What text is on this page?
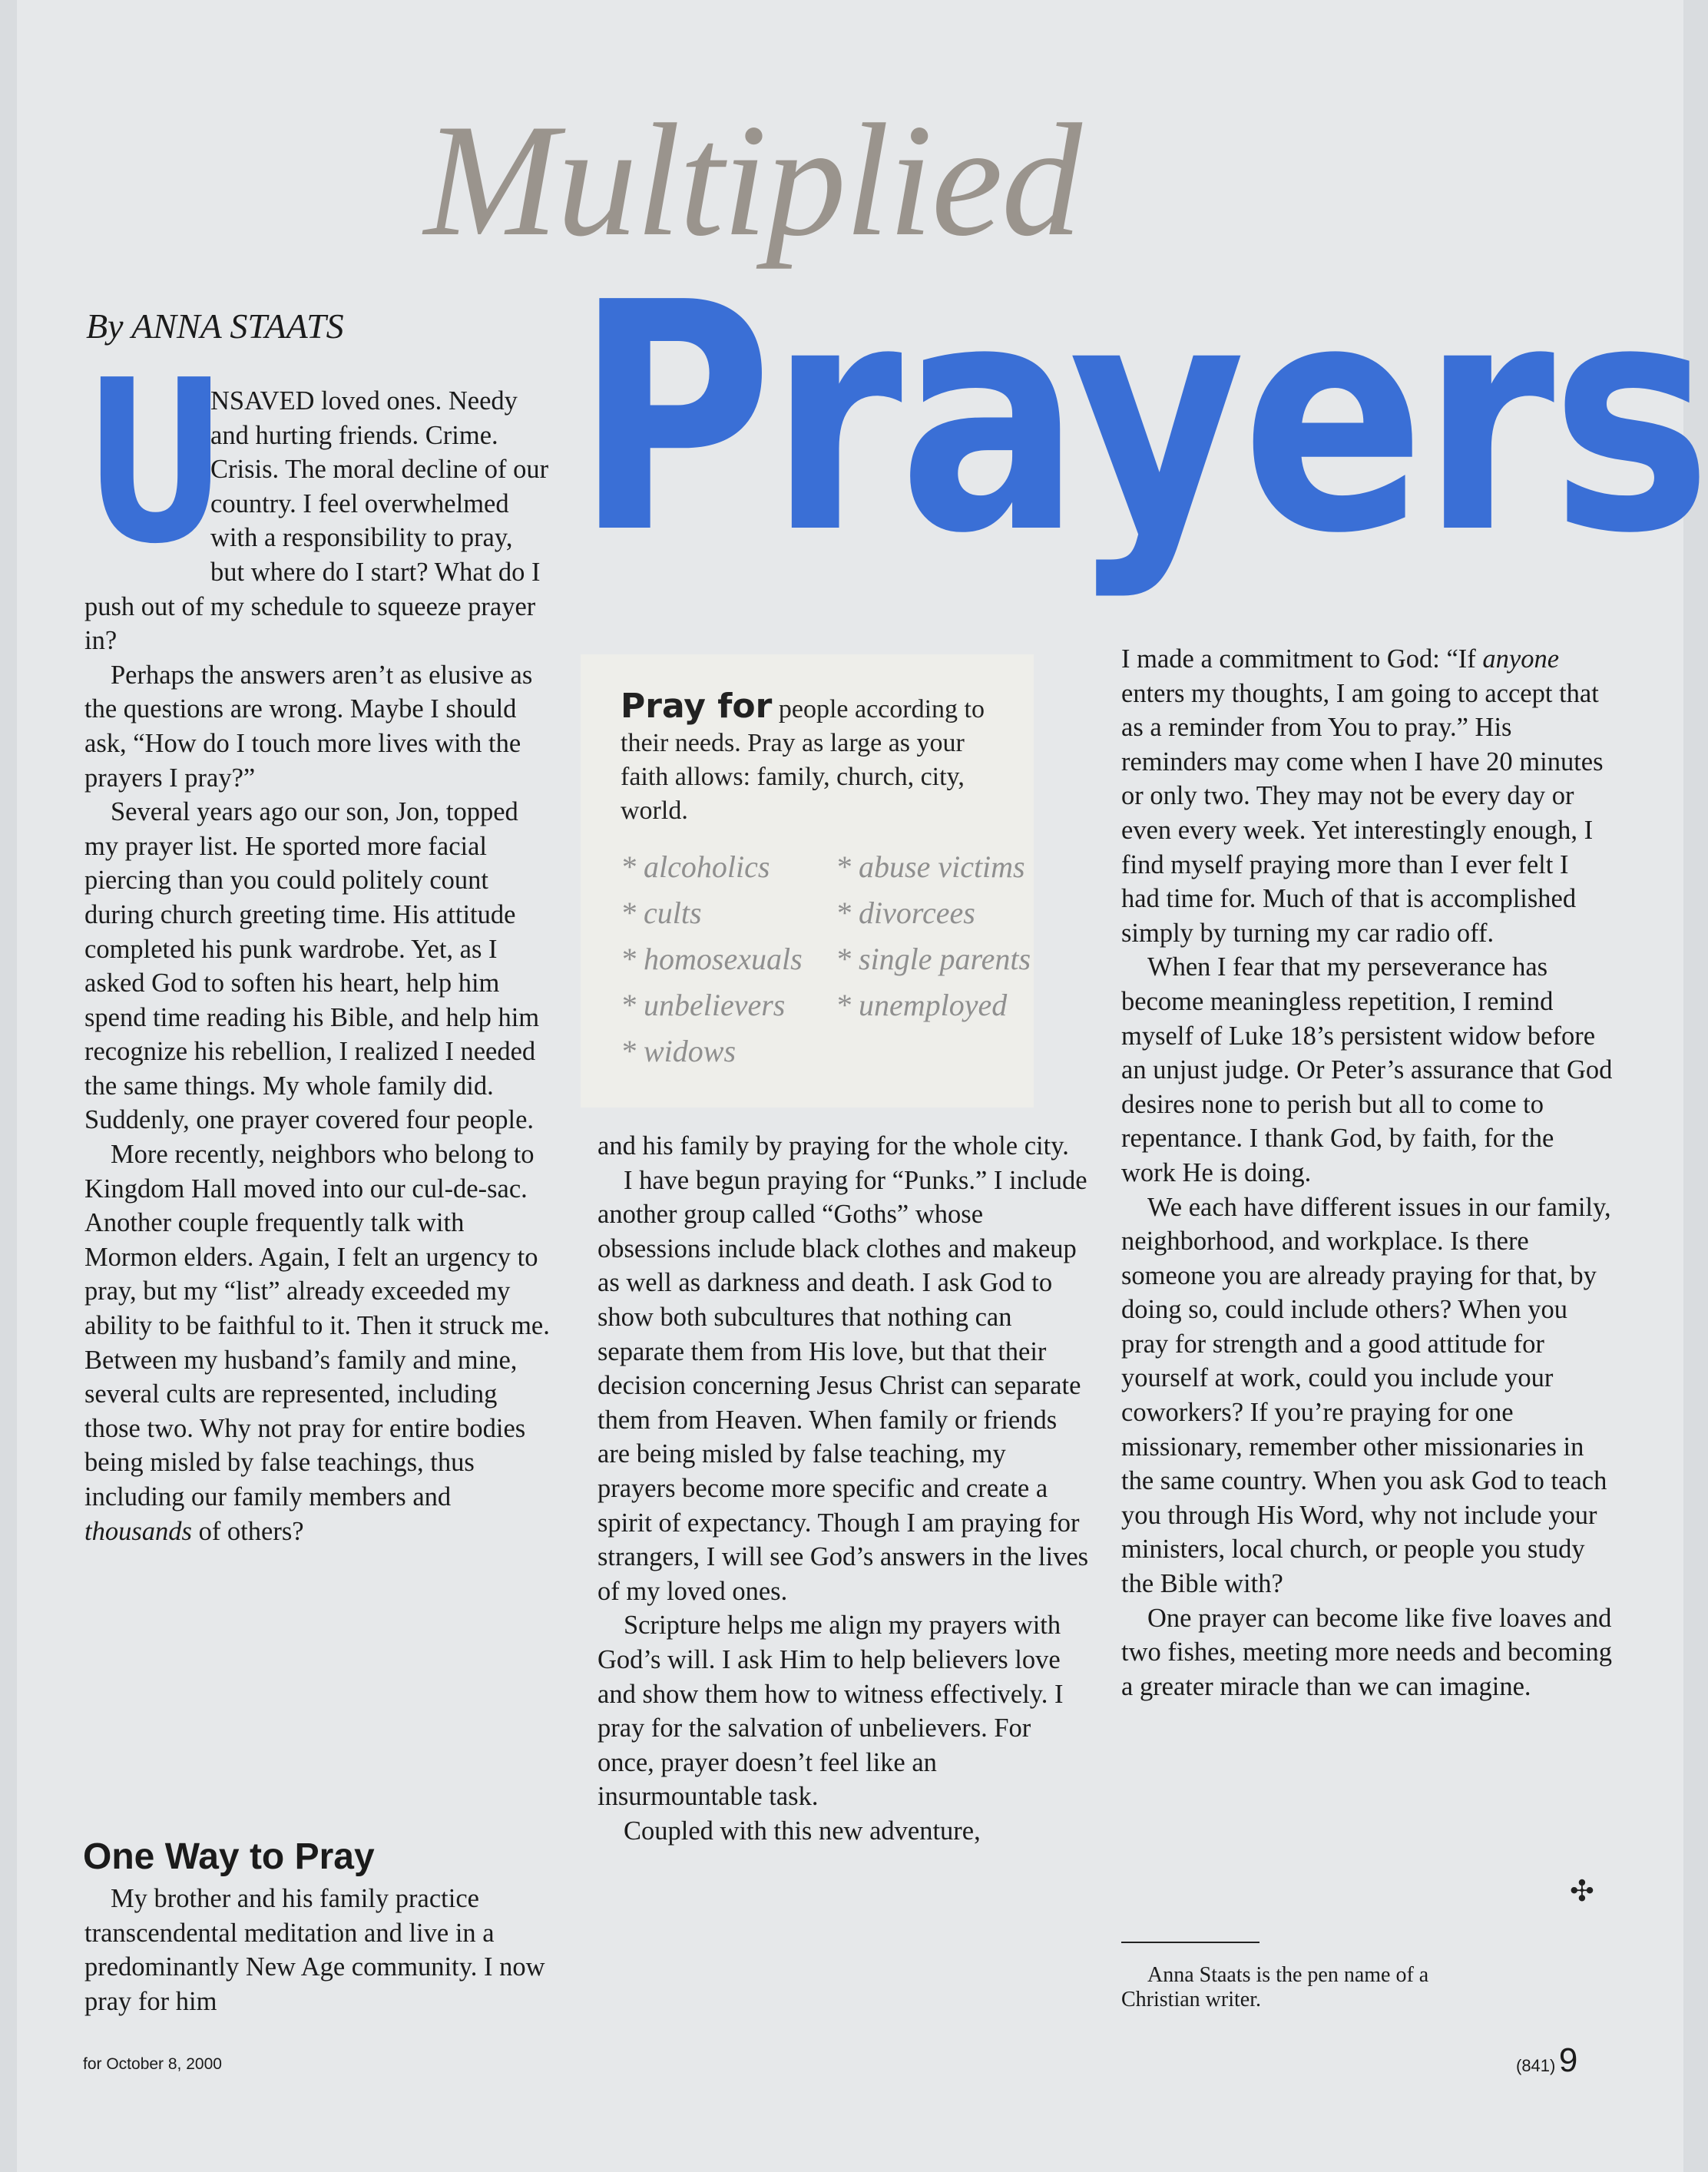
Multiplied
Prayers
By ANNA STAATS
U

NSAVED loved ones. Needy and hurting friends. Crime. Crisis. The moral decline of our country. I feel overwhelmed with a responsibility to pray, but where do I start? What do I push out of my schedule to squeeze prayer in?

Perhaps the answers aren’t as elusive as the questions are wrong. Maybe I should ask, “How do I touch more lives with the prayers I pray?”

Several years ago our son, Jon, topped my prayer list. He sported more facial piercing than you could politely count during church greeting time. His attitude completed his punk wardrobe. Yet, as I asked God to soften his heart, help him spend time reading his Bible, and help him recognize his rebellion, I realized I needed the same things. My whole family did. Suddenly, one prayer covered four people.

More recently, neighbors who belong to Kingdom Hall moved into our cul-de-sac. Another couple frequently talk with Mormon elders. Again, I felt an urgency to pray, but my “list” already exceeded my ability to be faithful to it. Then it struck me. Between my husband’s family and mine, several cults are represented, including those two. Why not pray for entire bodies being misled by false teachings, thus including our family members and thousands of others?

One Way to Pray

My brother and his family practice transcendental meditation and live in a predominantly New Age community. I now pray for him

Pray for people according to their needs. Pray as large as your faith allows: family, church, city, world.
* alcoholics	* abuse victims
* cults	* divorcees
* homosexuals	* single parents
* unbelievers	* unemployed
* widows

and his family by praying for the whole city.

I have begun praying for “Punks.” I include another group called “Goths” whose obsessions include black clothes and makeup as well as darkness and death. I ask God to show both subcultures that nothing can separate them from His love, but that their decision concerning Jesus Christ can separate them from Heaven. When family or friends are being misled by false teaching, my prayers become more specific and create a spirit of expectancy. Though I am praying for strangers, I will see God’s answers in the lives of my loved ones.

Scripture helps me align my prayers with God’s will. I ask Him to help believers love and show them how to witness effectively. I pray for the salvation of unbelievers. For once, prayer doesn’t feel like an insurmountable task.

Coupled with this new adventure,

I made a commitment to God: “If anyone enters my thoughts, I am going to accept that as a reminder from You to pray.” His reminders may come when I have 20 minutes or only two. They may not be every day or even every week. Yet interestingly enough, I find myself praying more than I ever felt I had time for. Much of that is accomplished simply by turning my car radio off.

When I fear that my perseverance has become meaningless repetition, I remind myself of Luke 18’s persistent widow before an unjust judge. Or Peter’s assurance that God desires none to perish but all to come to repentance. I thank God, by faith, for the work He is doing.

We each have different issues in our family, neighborhood, and workplace. Is there someone you are already praying for that, by doing so, could include others? When you pray for strength and a good attitude for yourself at work, could you include your coworkers? If you’re praying for one missionary, remember other missionaries in the same country. When you ask God to teach you through His Word, why not include your ministers, local church, or people you study the Bible with?

One prayer can become like five loaves and two fishes, meeting more needs and becoming a greater miracle than we can imagine.

✣
Anna Staats is the pen name of a
Christian writer.
for October 8, 2000	(841) 9
